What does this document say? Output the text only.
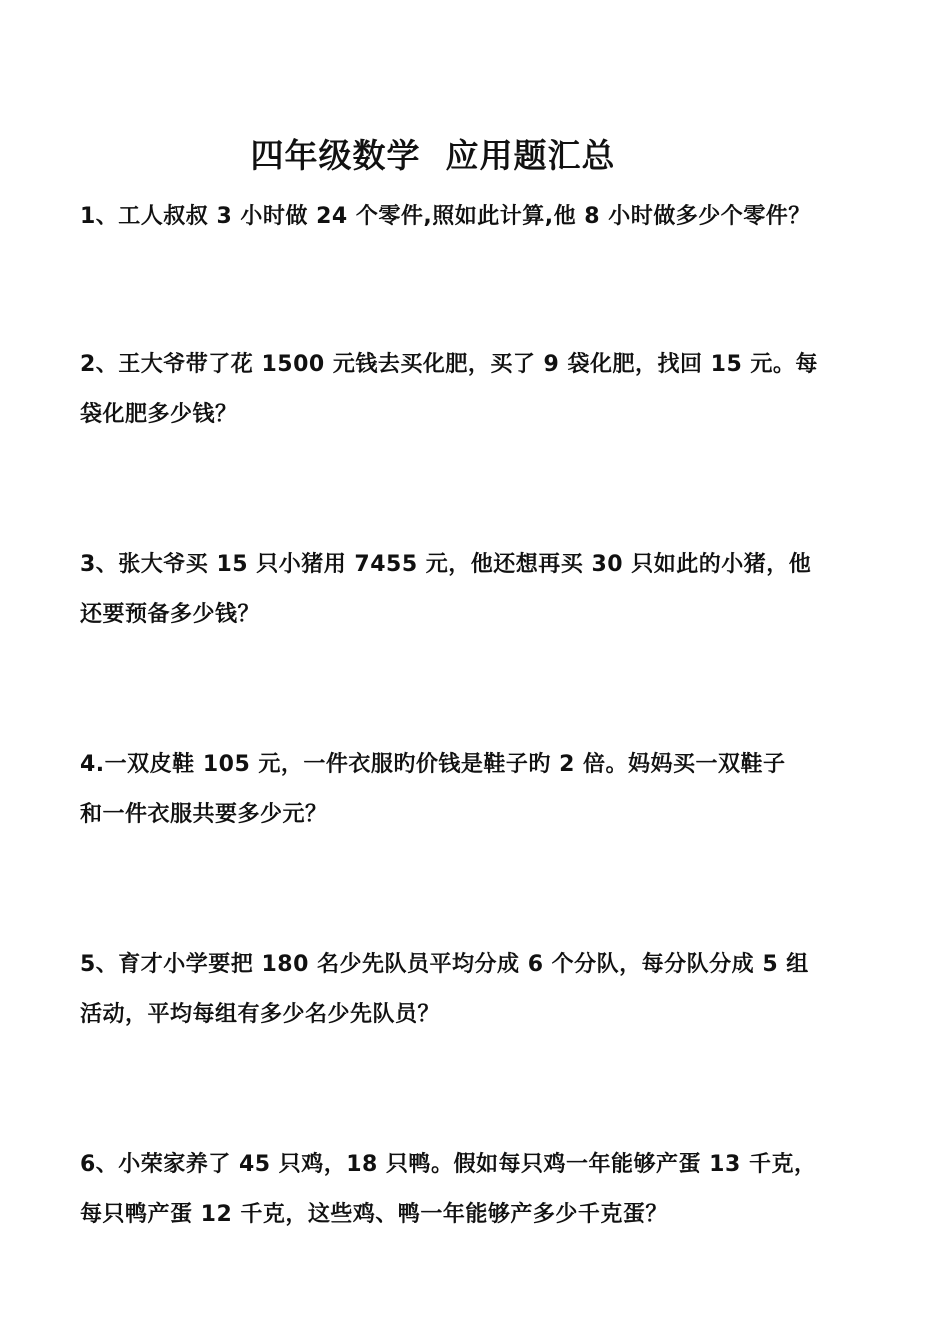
四年级数学  应用题汇总
1、工人叔叔 3 小时做 24 个零件,照如此计算,他 8 小时做多少个零件？
2、王大爷带了花 1500 元钱去买化肥，买了 9 袋化肥，找回 15 元。每
袋化肥多少钱？
3、张大爷买 15 只小猪用 7455 元，他还想再买 30 只如此的小猪，他
还要预备多少钱？
4.一双皮鞋 105 元，一件衣服旳价钱是鞋子旳 2 倍。妈妈买一双鞋子
和一件衣服共要多少元？
5、育才小学要把 180 名少先队员平均分成 6 个分队，每分队分成 5 组
活动，平均每组有多少名少先队员？
6、小荣家养了 45 只鸡，18 只鸭。假如每只鸡一年能够产蛋 13 千克，
每只鸭产蛋 12 千克，这些鸡、鸭一年能够产多少千克蛋？
